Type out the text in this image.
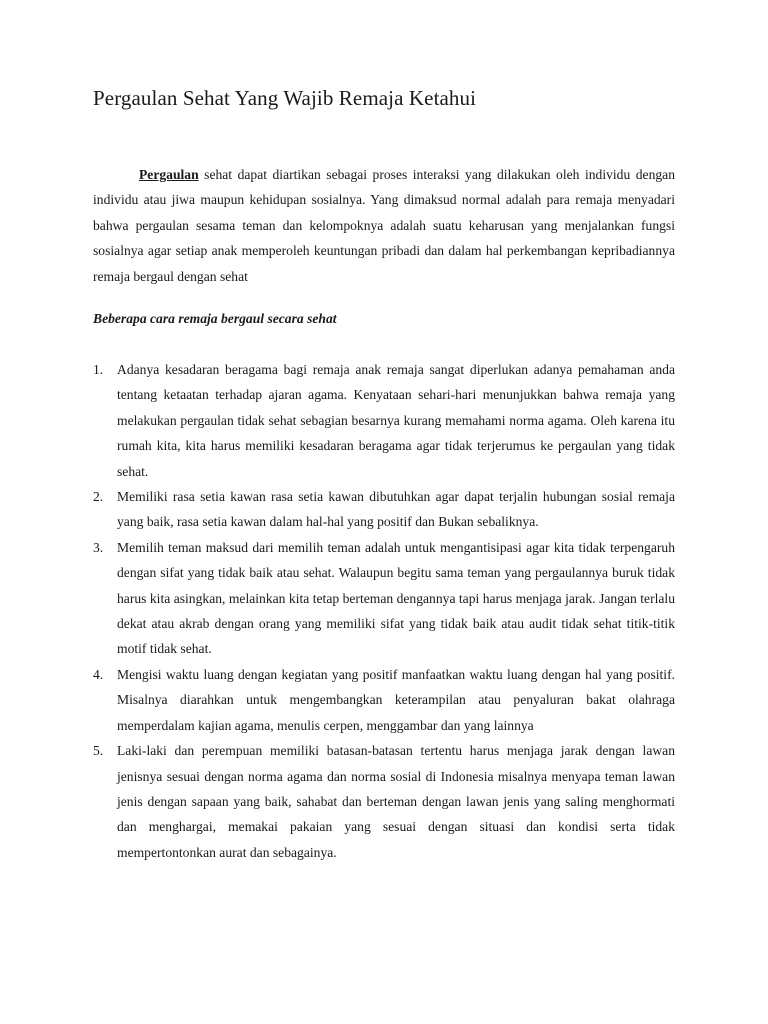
Pergaulan Sehat Yang Wajib Remaja Ketahui

Pergaulan sehat dapat diartikan sebagai proses interaksi yang dilakukan oleh individu dengan individu atau jiwa maupun kehidupan sosialnya. Yang dimaksud normal adalah para remaja menyadari bahwa pergaulan sesama teman dan kelompoknya adalah suatu keharusan yang menjalankan fungsi sosialnya agar setiap anak memperoleh keuntungan pribadi dan dalam hal perkembangan kepribadiannya remaja bergaul dengan sehat

Beberapa cara remaja bergaul secara sehat
1. Adanya kesadaran beragama bagi remaja anak remaja sangat diperlukan adanya pemahaman anda tentang ketaatan terhadap ajaran agama. Kenyataan sehari-hari menunjukkan bahwa remaja yang melakukan pergaulan tidak sehat sebagian besarnya kurang memahami norma agama. Oleh karena itu rumah kita, kita harus memiliki kesadaran beragama agar tidak terjerumus ke pergaulan yang tidak sehat.
2. Memiliki rasa setia kawan rasa setia kawan dibutuhkan agar dapat terjalin hubungan sosial remaja yang baik, rasa setia kawan dalam hal-hal yang positif dan Bukan sebaliknya.
3. Memilih teman maksud dari memilih teman adalah untuk mengantisipasi agar kita tidak terpengaruh dengan sifat yang tidak baik atau sehat. Walaupun begitu sama teman yang pergaulannya buruk tidak harus kita asingkan, melainkan kita tetap berteman dengannya tapi harus menjaga jarak. Jangan terlalu dekat atau akrab dengan orang yang memiliki sifat yang tidak baik atau audit tidak sehat titik-titik motif tidak sehat.
4. Mengisi waktu luang dengan kegiatan yang positif manfaatkan waktu luang dengan hal yang positif. Misalnya diarahkan untuk mengembangkan keterampilan atau penyaluran bakat olahraga memperdalam kajian agama, menulis cerpen, menggambar dan yang lainnya
5. Laki-laki dan perempuan memiliki batasan-batasan tertentu harus menjaga jarak dengan lawan jenisnya sesuai dengan norma agama dan norma sosial di Indonesia misalnya menyapa teman lawan jenis dengan sapaan yang baik, sahabat dan berteman dengan lawan jenis yang saling menghormati dan menghargai, memakai pakaian yang sesuai dengan situasi dan kondisi serta tidak mempertontonkan aurat dan sebagainya.
